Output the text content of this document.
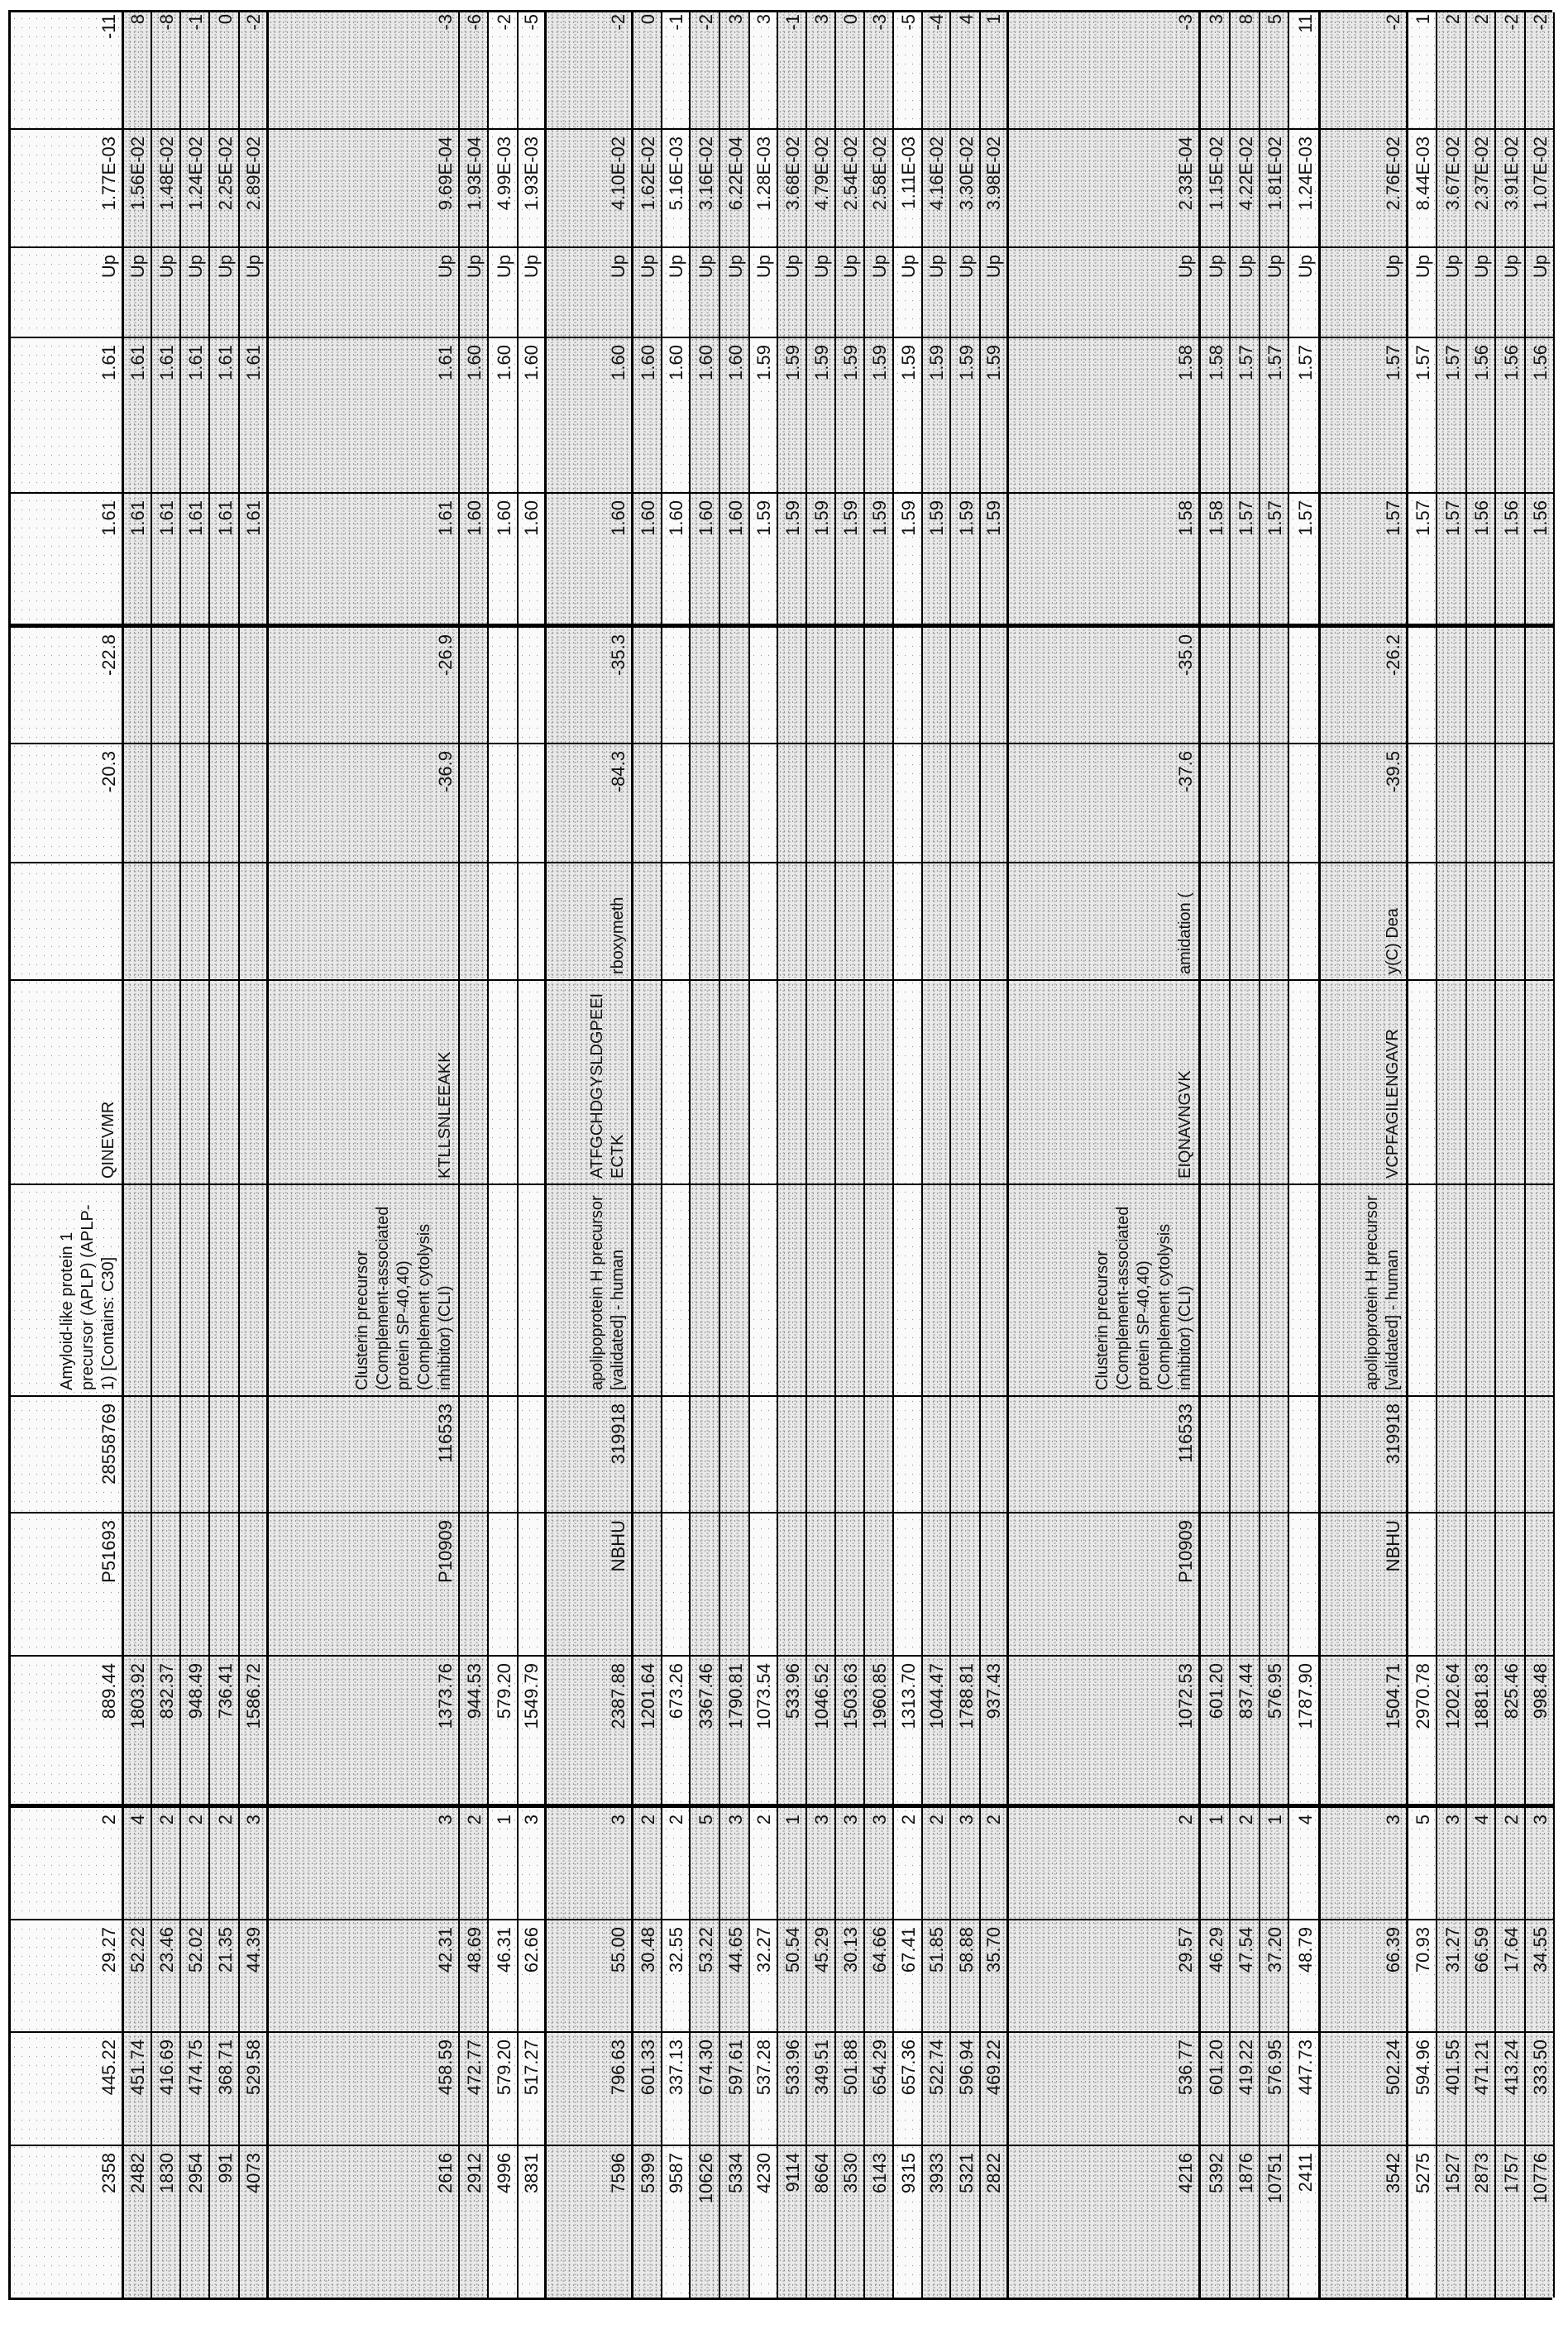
2358
445.22
29.27
2
889.44
P51693
28558769
Amyloid-like protein 1 precursor (APLP) (APLP-1) [Contains: C30]
QINEVMR
-20.3
-22.8
1.61
1.61
Up
1.77E-03
-11
2482
451.74
52.22
4
1803.92
1.61
1.61
Up
1.56E-02
8
1830
416.69
23.46
2
832.37
1.61
1.61
Up
1.48E-02
-8
2954
474.75
52.02
2
948.49
1.61
1.61
Up
1.24E-02
-1
991
368.71
21.35
2
736.41
1.61
1.61
Up
2.25E-02
0
4073
529.58
44.39
3
1586.72
1.61
1.61
Up
2.89E-02
-2
2616
458.59
42.31
3
1373.76
P10909
116533
Clusterin precursor (Complement-associated protein SP-40,40) (Complement cytolysis inhibitor) (CLI)
KTLLSNLEEAKK
-36.9
-26.9
1.61
1.61
Up
9.69E-04
-3
2912
472.77
48.69
2
944.53
1.60
1.60
Up
1.93E-04
-6
4996
579.20
46.31
1
579.20
1.60
1.60
Up
4.99E-03
-2
3831
517.27
62.66
3
1549.79
1.60
1.60
Up
1.93E-03
-5
7596
796.63
55.00
3
2387.88
NBHU
319918
apolipoprotein H precursor [validated] - human
ATFGCHDGYSLDGPEEIECTK
rboxymeth
-84.3
-35.3
1.60
1.60
Up
4.10E-02
-2
5399
601.33
30.48
2
1201.64
1.60
1.60
Up
1.62E-02
0
9587
337.13
32.55
2
673.26
1.60
1.60
Up
5.16E-03
-1
10626
674.30
53.22
5
3367.46
1.60
1.60
Up
3.16E-02
-2
5334
597.61
44.65
3
1790.81
1.60
1.60
Up
6.22E-04
3
4230
537.28
32.27
2
1073.54
1.59
1.59
Up
1.28E-03
3
9114
533.96
50.54
1
533.96
1.59
1.59
Up
3.68E-02
-1
8664
349.51
45.29
3
1046.52
1.59
1.59
Up
4.79E-02
3
3530
501.88
30.13
3
1503.63
1.59
1.59
Up
2.54E-02
0
6143
654.29
64.66
3
1960.85
1.59
1.59
Up
2.58E-02
-3
9315
657.36
67.41
2
1313.70
1.59
1.59
Up
1.11E-03
-5
3933
522.74
51.85
2
1044.47
1.59
1.59
Up
4.16E-02
-4
5321
596.94
58.88
3
1788.81
1.59
1.59
Up
3.30E-02
4
2822
469.22
35.70
2
937.43
1.59
1.59
Up
3.98E-02
1
4216
536.77
29.57
2
1072.53
P10909
116533
Clusterin precursor (Complement-associated protein SP-40,40) (Complement cytolysis inhibitor) (CLI)
EIQNAVNGVK
amidation (
-37.6
-35.0
1.58
1.58
Up
2.33E-04
-3
5392
601.20
46.29
1
601.20
1.58
1.58
Up
1.15E-02
3
1876
419.22
47.54
2
837.44
1.57
1.57
Up
4.22E-02
8
10751
576.95
37.20
1
576.95
1.57
1.57
Up
1.81E-02
5
2411
447.73
48.79
4
1787.90
1.57
1.57
Up
1.24E-03
11
3542
502.24
66.39
3
1504.71
NBHU
319918
apolipoprotein H precursor [validated] - human
VCPFAGILENGAVR
y(C) Dea
-39.5
-26.2
1.57
1.57
Up
2.76E-02
-2
5275
594.96
70.93
5
2970.78
1.57
1.57
Up
8.44E-03
1
1527
401.55
31.27
3
1202.64
1.57
1.57
Up
3.67E-02
2
2873
471.21
66.59
4
1881.83
1.56
1.56
Up
2.37E-02
2
1757
413.24
17.64
2
825.46
1.56
1.56
Up
3.91E-02
-2
10776
333.50
34.55
3
998.48
1.56
1.56
Up
1.07E-02
-2
